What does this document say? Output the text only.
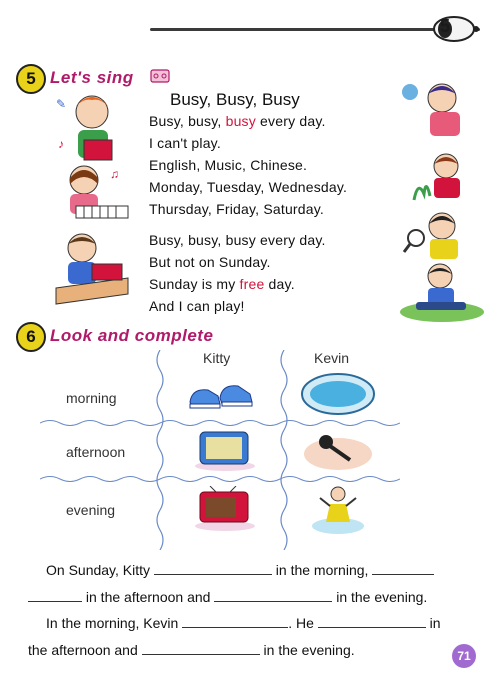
5
5 Let's sing
Busy, Busy, Busy
Busy, busy, busy every day.
I can't play.
English, Music, Chinese.
Monday, Tuesday, Wednesday.
Thursday, Friday, Saturday.
Busy, busy, busy every day.
But not on Sunday.
Sunday is my free day.
And I can play!
✎
♪
♫
6 Look and complete
Kitty	Kevin
morning
afternoon
evening
On Sunday, Kitty	in the morning,
in the afternoon and	in the evening.
In the morning, Kevin	. He	in
the afternoon and	in the evening.	71
